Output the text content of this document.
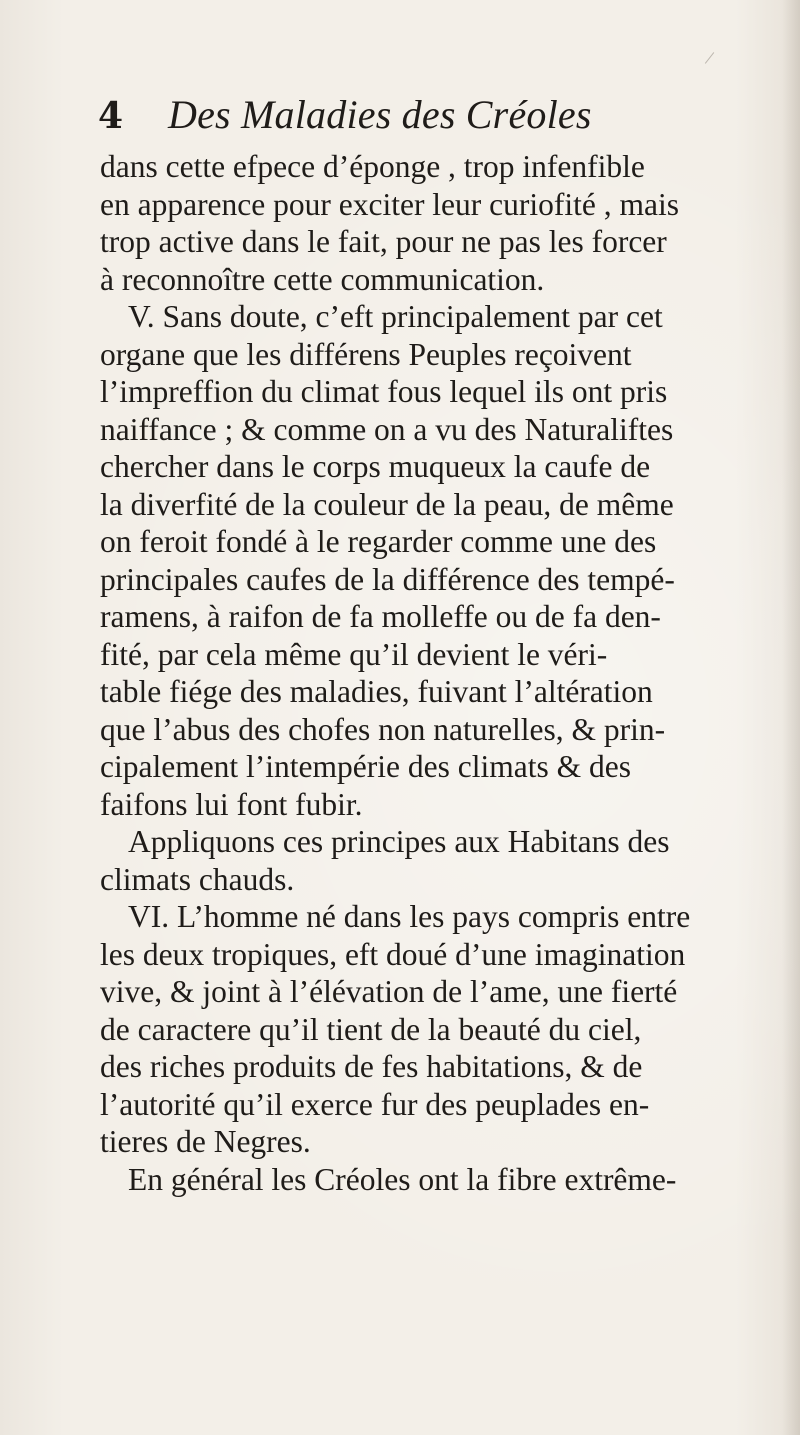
4 Des Maladies des Créoles
dans cette efpece d’éponge , trop infenfible
en apparence pour exciter leur curiofité , mais
trop active dans le fait, pour ne pas les forcer
à reconnoître cette communication.
V. Sans doute, c’eft principalement par cet
organe que les différens Peuples reçoivent
l’impreffion du climat fous lequel ils ont pris
naiffance ; & comme on a vu des Naturaliftes
chercher dans le corps muqueux la caufe de
la diverfité de la couleur de la peau, de même
on feroit fondé à le regarder comme une des
principales caufes de la différence des tempé-
ramens, à raifon de fa molleffe ou de fa den-
fité, par cela même qu’il devient le véri-
table fiége des maladies, fuivant l’altération
que l’abus des chofes non naturelles, & prin-
cipalement l’intempérie des climats & des
faifons lui font fubir.
Appliquons ces principes aux Habitans des
climats chauds.
VI. L’homme né dans les pays compris entre
les deux tropiques, eft doué d’une imagination
vive, & joint à l’élévation de l’ame, une fierté
de caractere qu’il tient de la beauté du ciel,
des riches produits de fes habitations, & de
l’autorité qu’il exerce fur des peuplades en-
tieres de Negres.
En général les Créoles ont la fibre extrême-
